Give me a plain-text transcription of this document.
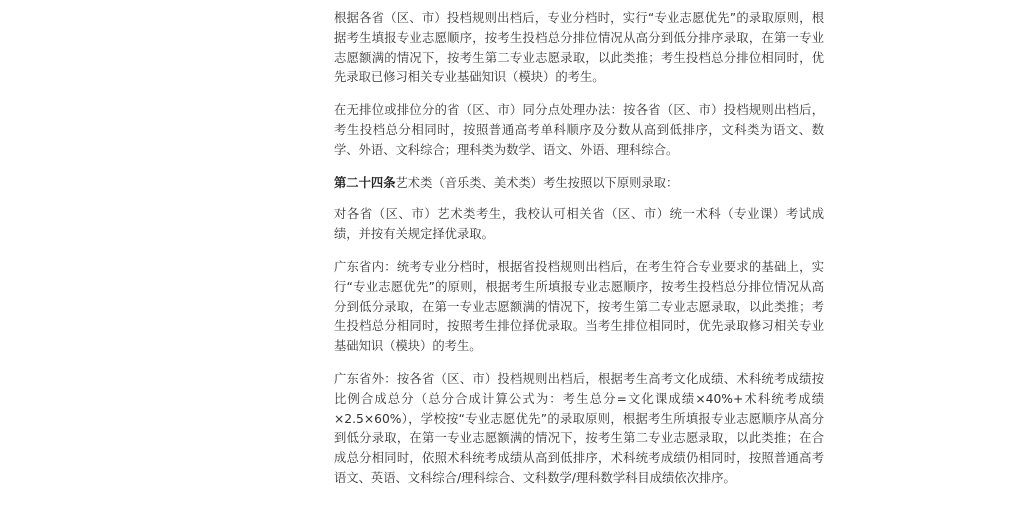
根据各省（区、市）投档规则出档后，专业分档时，实行“专业志愿优先”的录取原则，根据考生填报专业志愿顺序，按考生投档总分排位情况从高分到低分排序录取，在第一专业志愿额满的情况下，按考生第二专业志愿录取，以此类推；考生投档总分排位相同时，优先录取已修习相关专业基础知识（模块）的考生。

在无排位或排位分的省（区、市）同分点处理办法：按各省（区、市）投档规则出档后，考生投档总分相同时，按照普通高考单科顺序及分数从高到低排序，文科类为语文、数学、外语、文科综合；理科类为数学、语文、外语、理科综合。

第二十四条艺术类（音乐类、美术类）考生按照以下原则录取：

对各省（区、市）艺术类考生，我校认可相关省（区、市）统一术科（专业课）考试成绩，并按有关规定择优录取。

广东省内：统考专业分档时，根据省投档规则出档后，在考生符合专业要求的基础上，实行“专业志愿优先”的原则，根据考生所填报专业志愿顺序，按考生投档总分排位情况从高分到低分录取，在第一专业志愿额满的情况下，按考生第二专业志愿录取，以此类推；考生投档总分相同时，按照考生排位择优录取。当考生排位相同时，优先录取修习相关专业基础知识（模块）的考生。

广东省外：按各省（区、市）投档规则出档后，根据考生高考文化成绩、术科统考成绩按比例合成总分（总分合成计算公式为：考生总分=文化课成绩×40%+术科统考成绩×2.5×60%），学校按“专业志愿优先”的录取原则，根据考生所填报专业志愿顺序从高分到低分录取，在第一专业志愿额满的情况下，按考生第二专业志愿录取，以此类推；在合成总分相同时，依照术科统考成绩从高到低排序，术科统考成绩仍相同时，按照普通高考语文、英语、文科综合/理科综合、文科数学/理科数学科目成绩依次排序。
